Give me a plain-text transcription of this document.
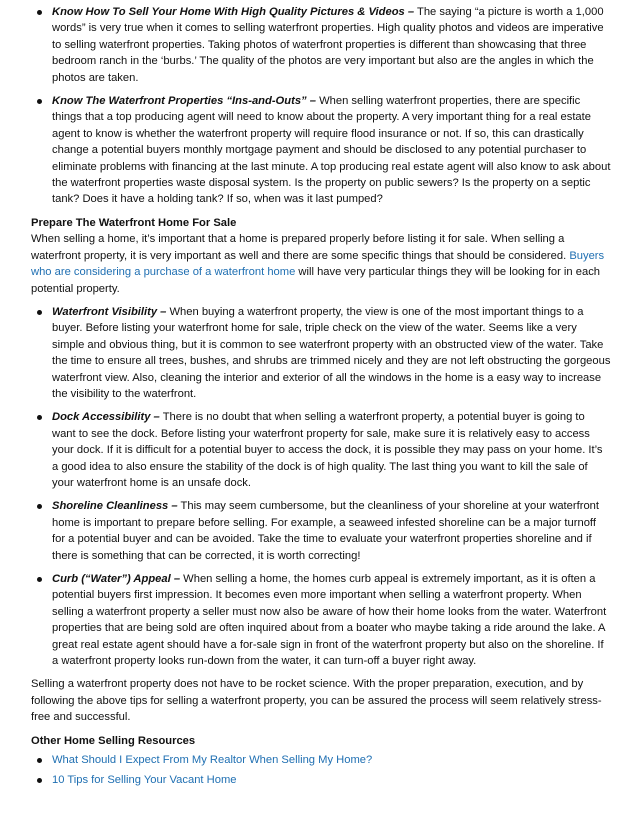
Know How To Sell Your Home With High Quality Pictures & Videos – The saying “a picture is worth a 1,000 words” is very true when it comes to selling waterfront properties. High quality photos and videos are imperative to selling waterfront properties. Taking photos of waterfront properties is different than showcasing that three bedroom ranch in the ‘burbs.’ The quality of the photos are very important but also are the angles in which the photos are taken.
Know The Waterfront Properties “Ins-and-Outs” – When selling waterfront properties, there are specific things that a top producing agent will need to know about the property. A very important thing for a real estate agent to know is whether the waterfront property will require flood insurance or not. If so, this can drastically change a potential buyers monthly mortgage payment and should be disclosed to any potential purchaser to eliminate problems with financing at the last minute. A top producing real estate agent will also know to ask about the waterfront properties waste disposal system. Is the property on public sewers? Is the property on a septic tank? Does it have a holding tank? If so, when was it last pumped?
Prepare The Waterfront Home For Sale

When selling a home, it’s important that a home is prepared properly before listing it for sale. When selling a waterfront property, it is very important as well and there are some specific things that should be considered. Buyers who are considering a purchase of a waterfront home will have very particular things they will be looking for in each potential property.

Waterfront Visibility – When buying a waterfront property, the view is one of the most important things to a buyer. Before listing your waterfront home for sale, triple check on the view of the water. Seems like a very simple and obvious thing, but it is common to see waterfront property with an obstructed view of the water. Take the time to ensure all trees, bushes, and shrubs are trimmed nicely and they are not left obstructing the gorgeous waterfront view. Also, cleaning the interior and exterior of all the windows in the home is a easy way to increase the visibility to the waterfront.
Dock Accessibility – There is no doubt that when selling a waterfront property, a potential buyer is going to want to see the dock. Before listing your waterfront property for sale, make sure it is relatively easy to access your dock. If it is difficult for a potential buyer to access the dock, it is possible they may pass on your home. It’s a good idea to also ensure the stability of the dock is of high quality. The last thing you want to kill the sale of your waterfront home is an unsafe dock.
Shoreline Cleanliness – This may seem cumbersome, but the cleanliness of your shoreline at your waterfront home is important to prepare before selling. For example, a seaweed infested shoreline can be a major turnoff for a potential buyer and can be avoided. Take the time to evaluate your waterfront properties shoreline and if there is something that can be corrected, it is worth correcting!
Curb (“Water”) Appeal – When selling a home, the homes curb appeal is extremely important, as it is often a potential buyers first impression. It becomes even more important when selling a waterfront property. When selling a waterfront property a seller must now also be aware of how their home looks from the water. Waterfront properties that are being sold are often inquired about from a boater who maybe taking a ride around the lake. A great real estate agent should have a for-sale sign in front of the waterfront property but also on the shoreline. If a waterfront property looks run-down from the water, it can turn-off a buyer right away.

Selling a waterfront property does not have to be rocket science. With the proper preparation, execution, and by following the above tips for selling a waterfront property, you can be assured the process will seem relatively stress-free and successful.

Other Home Selling Resources

What Should I Expect From My Realtor When Selling My Home?
10 Tips for Selling Your Vacant Home
